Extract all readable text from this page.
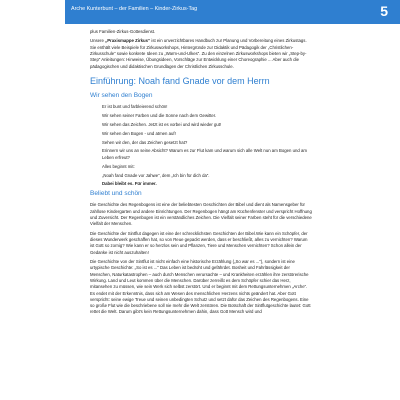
Arche Kunterbunt – der Familien – Kinder-Zirkus-Tag	5

plus Familien-Zirkus-Gottesdienst.

Unsere „Praxismappe Zirkus“ ist ein unverzichtbares Handbuch zur Planung und Vorbereitung eines Zirkustags. Sie enthält viele Beispiele für Zirkusworkshops, Hintergründe zur Didaktik und Pädagogik der „Christlichen-Zirkusschule“ sowie konkrete Ideen zu „Warm-und-Ulkes“. Zu den einzelnen Zirkusworkshops bieten wir „Step-by-Step“ Anleitungen: Hinweise, Übungsideen, Vorschläge zur Entwicklung einer Choreographie ... Aber auch die pädagogischen und didaktischen Grundlagen der Christlichen Zirkusschule.

Einführung: Noah fand Gnade vor dem Herrn
Wir sehen den Bogen

Er ist bunt und farbleierend schön!

Wir sehen seiner Farben und die Sonne nach dem Gewitter.

Wir sehen das Zeichen. Jetzt ist es vorbei und wird wieder gut!

Wir sehen den Bogen - und atmen auf!

Sehen wir den, der das Zeichen gesetzt hat?

Erinnern wir uns an seine Absicht? Warum es zur Flut kam und warum sich alle Welt nun am Bogen und am Leben erfreut?

Alles beginnt mit:

„Noah fand Gnade vor Jahwe“, dem „Ich bin für dich da“.

Dabei bleibt es. Für immer.

Beliebt und schön

Die Geschichte des Regenbogens ist eine der beliebtesten Geschichten der Bibel und dient als Namensgeber für zahllose Kindergarten und andere Einrichtungen. Der Regenbogen hängt am Küchenfenster und verspricht Hoffnung und Zuversicht. Der Regenbogen ist ein verständliches Zeichen. Die Vielfalt seiner Farben steht für die verschiedene Vielfalt der Menschen.

Die Geschichte der Sintflut dagegen ist eine der schrecklichsten Geschichten der Bibel.Wie kann ein Schöpfer, der dieses Wunderwerk geschaffen hat, so von Reue gepackt werden, dass er beschließt, alles zu vernichten? Warum ist Gott so zornig? Wie kann er so herzlos sein und Pflanzen, Tiere und Menschen vernichten? Schon allein der Gedanke ist nicht auszuhalten!

Die Geschichte von der Sintflut ist nicht einfach eine historische Erzählung („So war es ...“), sondern ist eine urtypische Geschichte: „So ist es ...“ Das Leben ist bedroht und gefährdet. Bosheit und Fahrlässigkeit der Menschen, Naturkatastrophen – auch durch Menschen verursachte – und Krankheiten erzählen ihre zerstörerische Wirkung. Land und Leut kommen über die Menschen. Darüber zerreißt es dem Schöpfer schier das Herz, mitansehen zu müssen, wie sein Werk sich selbst zerstört. Und er beginnt mit dem Rettungsunternehmen „Arche“. Es endet mit der Erkenntnis, dass sich am Wesen des menschlichen Herzens nichts geändert hat. Aber Gott verspricht: seine ewige Treue und seinen unbedingten Schutz und setzt dafür das Zeichen des Regenbogens. Eine so große Flut wie die beschriebene soll nie mehr die Welt zerstören. Die Botschaft der Sintflutgeschichte lautet: Gott rettet die Welt. Darum gibt's kein Rettungsunternehmen dahin, dass Gott Mensch wird und
